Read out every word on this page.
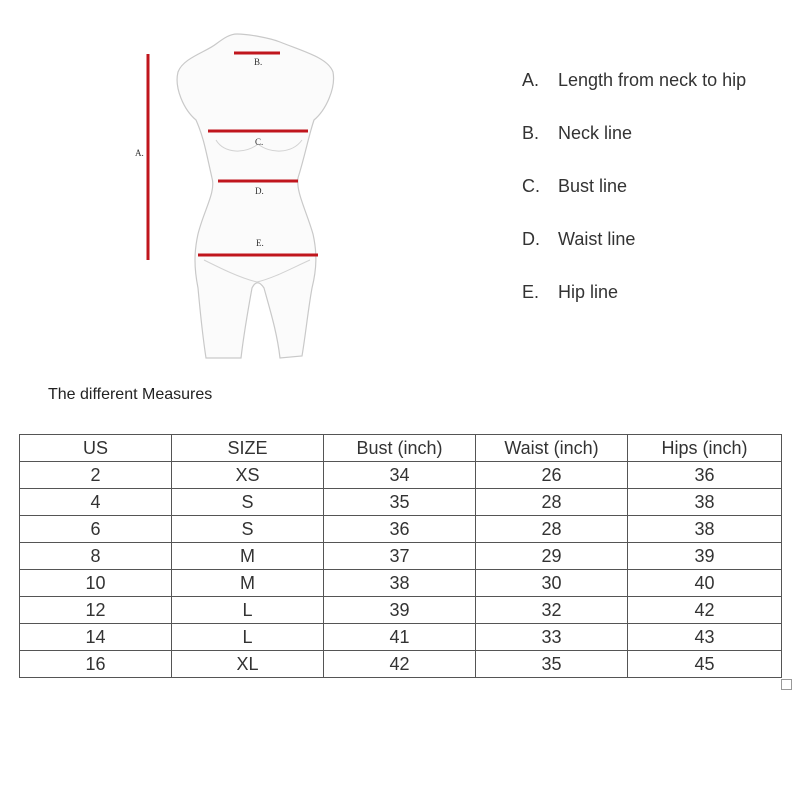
A.
B.
C.
D.
E.
A.	Length from neck to hip
B.	Neck line
C.	Bust line
D.	Waist line
E.	Hip line
The different Measures
US	SIZE	Bust (inch)	Waist (inch)	Hips (inch)
2	XS	34	26	36
4	S	35	28	38
6	S	36	28	38
8	M	37	29	39
10	M	38	30	40
12	L	39	32	42
14	L	41	33	43
16	XL	42	35	45
